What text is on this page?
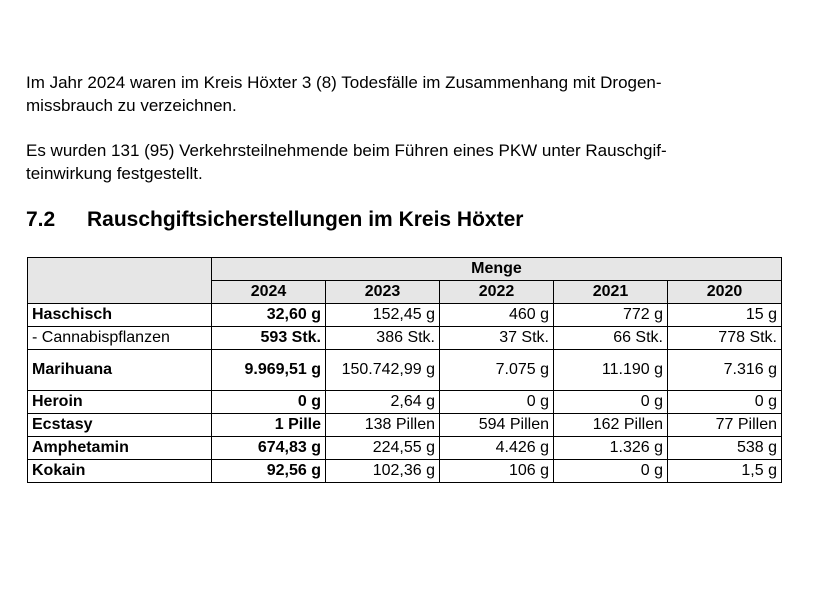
Im Jahr 2024 waren im Kreis Höxter 3 (8) Todesfälle im Zusammenhang mit Drogen-
missbrauch zu verzeichnen.

Es wurden 131 (95) Verkehrsteilnehmende beim Führen eines PKW unter Rauschgif-
teinwirkung festgestellt.

7.2 Rauschgiftsicherstellungen im Kreis Höxter
	Menge				
	2024	2023	2022	2021	2020
Haschisch	32,60 g	152,45 g	460 g	772 g	15 g
- Cannabispflanzen	593 Stk.	386 Stk.	37 Stk.	66 Stk.	778 Stk.
Marihuana	9.969,51 g	150.742,99 g	7.075 g	11.190 g	7.316 g
Heroin	0 g	2,64 g	0 g	0 g	0 g
Ecstasy	1 Pille	138 Pillen	594 Pillen	162 Pillen	77 Pillen
Amphetamin	674,83 g	224,55 g	4.426 g	1.326 g	538 g
Kokain	92,56 g	102,36 g	106 g	0 g	1,5 g
